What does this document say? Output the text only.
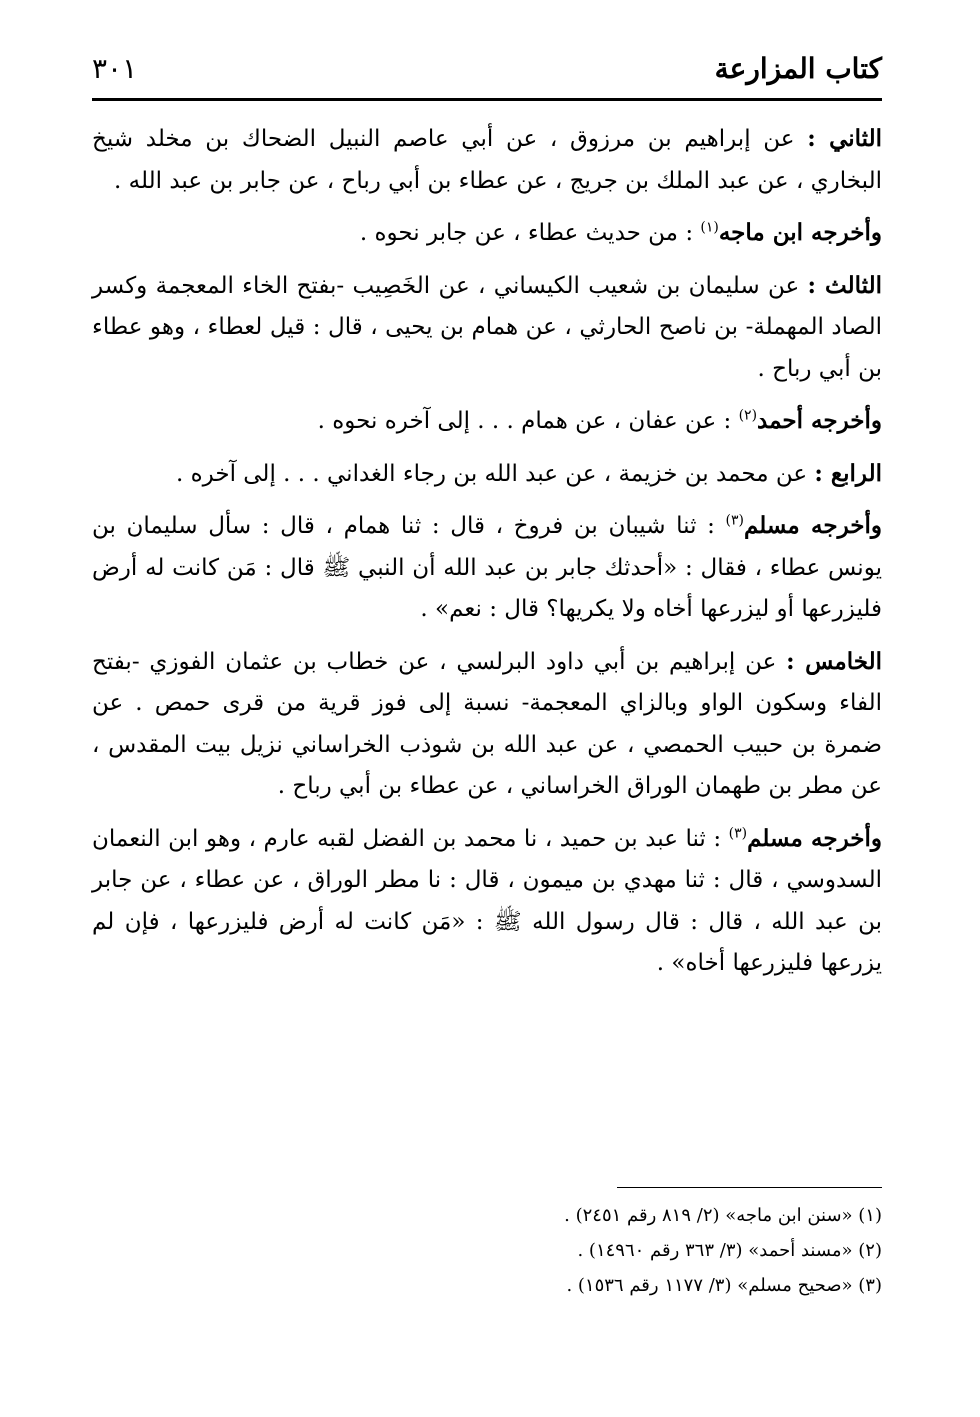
كتاب المزارعة
٣٠١

الثاني : عن إبراهيم بن مرزوق ، عن أبي عاصم النبيل الضحاك بن مخلد شيخ البخاري ، عن عبد الملك بن جريج ، عن عطاء بن أبي رباح ، عن جابر بن عبد الله .

وأخرجه ابن ماجه$^{(١)}$ : من حديث عطاء ، عن جابر نحوه .

الثالث : عن سليمان بن شعيب الكيساني ، عن الخَصِيب -بفتح الخاء المعجمة وكسر الصاد المهملة- بن ناصح الحارثي ، عن همام بن يحيى ، قال : قيل لعطاء ، وهو عطاء بن أبي رباح .

وأخرجه أحمد$^{(٢)}$ : عن عفان ، عن همام . . . إلى آخره نحوه .

الرابع : عن محمد بن خزيمة ، عن عبد الله بن رجاء الغداني . . . إلى آخره .

وأخرجه مسلم$^{(٣)}$ : ثنا شيبان بن فروخ ، قال : ثنا همام ، قال : سأل سليمان بن يونس عطاء ، فقال : «أحدثك جابر بن عبد الله أن النبي ﷺ قال : مَن كانت له أرض فليزرعها أو ليزرعها أخاه ولا يكريها؟ قال : نعم» .

الخامس : عن إبراهيم بن أبي داود البرلسي ، عن خطاب بن عثمان الفوزي -بفتح الفاء وسكون الواو وبالزاي المعجمة- نسبة إلى فوز قرية من قرى حمص . عن ضمرة بن حبيب الحمصي ، عن عبد الله بن شوذب الخراساني نزيل بيت المقدس ، عن مطر بن طهمان الوراق الخراساني ، عن عطاء بن أبي رباح .

وأخرجه مسلم$^{(٣)}$ : ثنا عبد بن حميد ، نا محمد بن الفضل لقبه عارم ، وهو ابن النعمان السدوسي ، قال : ثنا مهدي بن ميمون ، قال : نا مطر الوراق ، عن عطاء ، عن جابر بن عبد الله ، قال : قال رسول الله ﷺ : «مَن كانت له أرض فليزرعها ، فإن لم يزرعها فليزرعها أخاه» .

(١) «سنن ابن ماجه» (٢/ ٨١٩ رقم ٢٤٥١) .
(٢) «مسند أحمد» (٣/ ٣٦٣ رقم ١٤٩٦٠) .
(٣) «صحيح مسلم» (٣/ ١١٧٧ رقم ١٥٣٦) .
